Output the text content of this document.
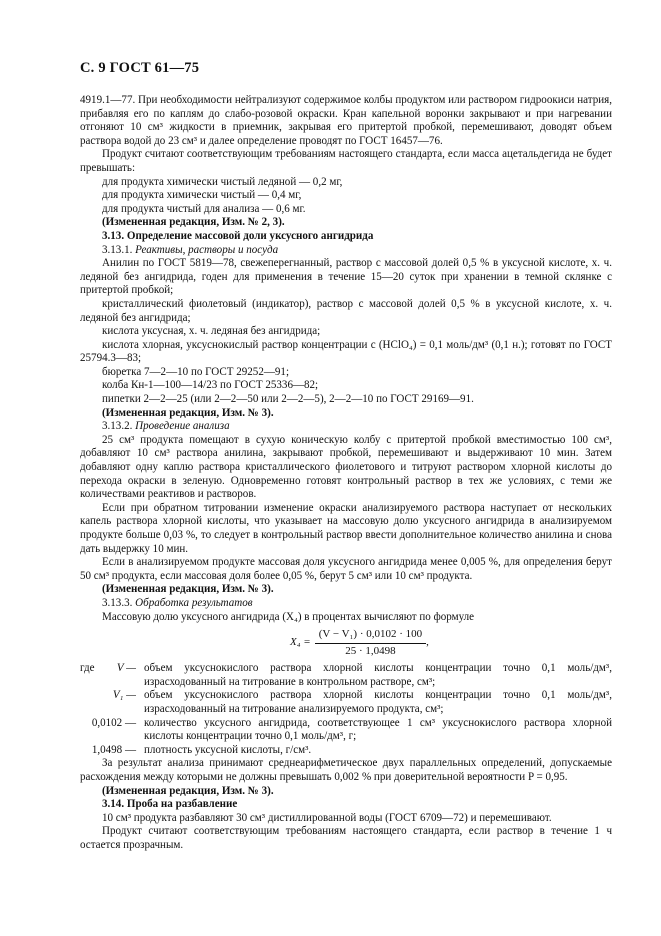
С. 9 ГОСТ 61—75

4919.1—77. При необходимости нейтрализуют содержимое колбы продуктом или раствором гидроокиси натрия, прибавляя его по каплям до слабо-розовой окраски. Кран капельной воронки закрывают и при нагревании отгоняют 10 см³ жидкости в приемник, закрывая его притертой пробкой, перемешивают, доводят объем раствора водой до 23 см³ и далее определение проводят по ГОСТ 16457—76.

Продукт считают соответствующим требованиям настоящего стандарта, если масса ацетальдегида не будет превышать:

для продукта химически чистый ледяной — 0,2 мг,

для продукта химически чистый — 0,4 мг,

для продукта чистый для анализа — 0,6 мг.

(Измененная редакция, Изм. № 2, 3).

3.13. Определение массовой доли уксусного ангидрида

3.13.1. Реактивы, растворы и посуда

Анилин по ГОСТ 5819—78, свежеперегнанный, раствор с массовой долей 0,5 % в уксусной кислоте, х. ч. ледяной без ангидрида, годен для применения в течение 15—20 суток при хранении в темной склянке с притертой пробкой;

кристаллический фиолетовый (индикатор), раствор с массовой долей 0,5 % в уксусной кислоте, х. ч. ледяной без ангидрида;

кислота уксусная, х. ч. ледяная без ангидрида;

кислота хлорная, уксуснокислый раствор концентрации c (HClO₄) = 0,1 моль/дм³ (0,1 н.); готовят по ГОСТ 25794.3—83;

бюретка 7—2—10 по ГОСТ 29252—91;

колба Кн-1—100—14/23 по ГОСТ 25336—82;

пипетки 2—2—25 (или 2—2—50 или 2—2—5), 2—2—10 по ГОСТ 29169—91.

(Измененная редакция, Изм. № 3).

3.13.2. Проведение анализа

25 см³ продукта помещают в сухую коническую колбу с притертой пробкой вместимостью 100 см³, добавляют 10 см³ раствора анилина, закрывают пробкой, перемешивают и выдерживают 10 мин. Затем добавляют одну каплю раствора кристаллического фиолетового и титруют раствором хлорной кислоты до перехода окраски в зеленую. Одновременно готовят контрольный раствор в тех же условиях, с теми же количествами реактивов и растворов.

Если при обратном титровании изменение окраски анализируемого раствора наступает от нескольких капель раствора хлорной кислоты, что указывает на массовую долю уксусного ангидрида в анализируемом продукте больше 0,03 %, то следует в контрольный раствор ввести дополнительное количество анилина и снова дать выдержку 10 мин.

Если в анализируемом продукте массовая доля уксусного ангидрида менее 0,005 %, для определения берут 50 см³ продукта, если массовая доля более 0,05 %, берут 5 см³ или 10 см³ продукта.

(Измененная редакция, Изм. № 3).

3.13.3. Обработка результатов

Массовую долю уксусного ангидрида (X₄) в процентах вычисляют по формуле

$X_4 = \frac{\text{(V − V₁) · 0,0102 · 100}}{25 \cdot 1,0498}$ ,
где	V — объем уксуснокислого раствора хлорной кислоты концентрации точно 0,1 моль/дм³, израсходованный на титрование в контрольном растворе, см³;
V₁ — объем уксуснокислого раствора хлорной кислоты концентрации точно 0,1 моль/дм³, израсходованный на титрование анализируемого продукта, см³;
0,0102 — количество уксусного ангидрида, соответствующее 1 см³ уксуснокислого раствора хлорной кислоты концентрации точно 0,1 моль/дм³, г;
1,0498 — плотность уксусной кислоты, г/см³.

За результат анализа принимают среднеарифметическое двух параллельных определений, допускаемые расхождения между которыми не должны превышать 0,002 % при доверительной вероятности P = 0,95.

(Измененная редакция, Изм. № 3).

3.14. Проба на разбавление

10 см³ продукта разбавляют 30 см³ дистиллированной воды (ГОСТ 6709—72) и перемешивают.

Продукт считают соответствующим требованиям настоящего стандарта, если раствор в течение 1 ч остается прозрачным.
